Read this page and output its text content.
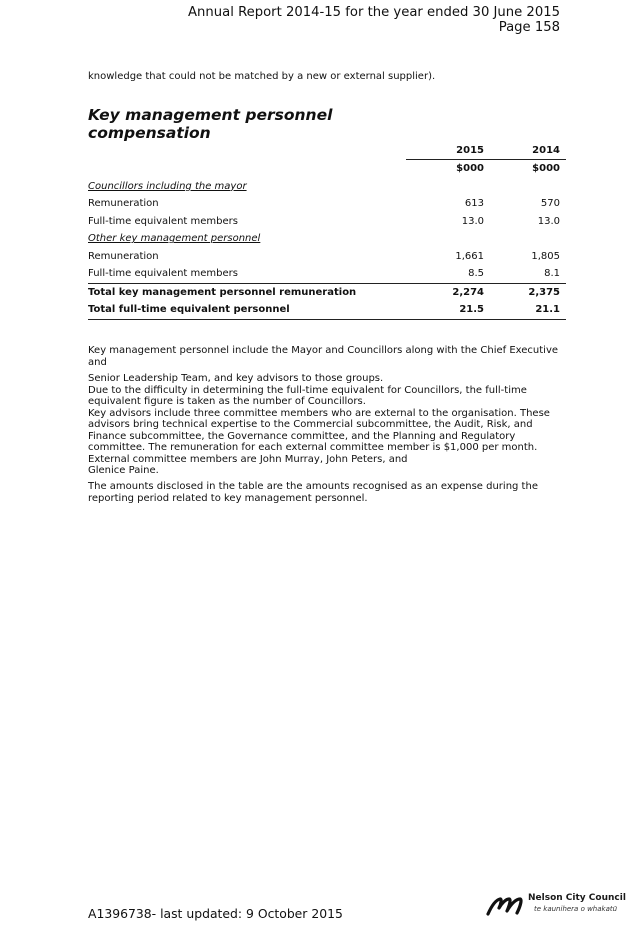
Annual Report 2014-15 for the year ended 30 June 2015
Page 158
knowledge that could not be matched by a new or external supplier).
Key management personnel compensation
	2015	2014
	$000	$000
Councillors including the mayor		
Remuneration	613	570
Full-time equivalent members	13.0	13.0
Other key management personnel		
Remuneration	1,661	1,805
Full-time equivalent members	8.5	8.1
Total key management personnel remuneration	2,274	2,375
Total full-time equivalent personnel	21.5	21.1

Key management personnel include the Mayor and Councillors along with the Chief Executive and

Senior Leadership Team, and key advisors to those groups.

Due to the difficulty in determining the full-time equivalent for Councillors, the full-time equivalent figure is taken as the number of Councillors.

Key advisors include three committee members who are external to the organisation. These advisors bring technical expertise to the Commercial subcommittee, the Audit, Risk, and Finance subcommittee, the Governance committee, and the Planning and Regulatory committee. The remuneration for each external committee member is $1,000 per month.

External committee members are John Murray, John Peters, and

Glenice Paine.

The amounts disclosed in the table are the amounts recognised as an expense during the reporting period related to key management personnel.
A1396738- last updated: 9 October 2015
Nelson City Council
te kaunihera o whakatū
